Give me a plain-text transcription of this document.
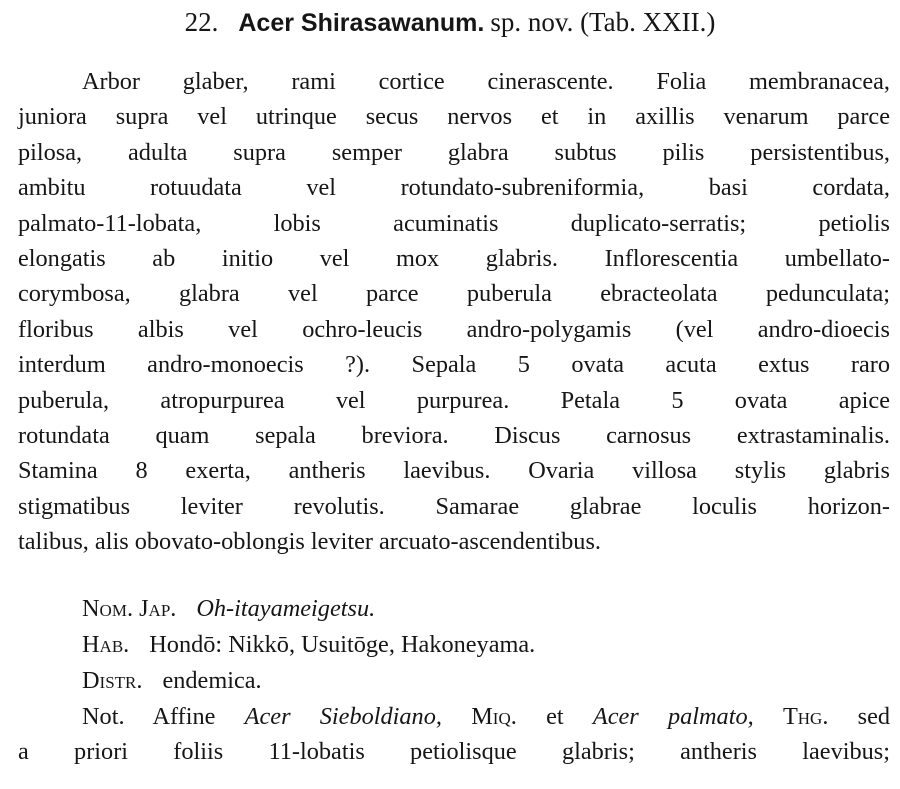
22. Acer Shirasawanum. sp. nov. (Tab. XXII.)
Arbor glaber, rami cortice cinerascente. Folia membranacea,
juniora supra vel utrinque secus nervos et in axillis venarum parce
pilosa, adulta supra semper glabra subtus pilis persistentibus,
ambitu rotuudata vel rotundato-subreniformia, basi cordata,
palmato-11-lobata, lobis acuminatis duplicato-serratis; petiolis
elongatis ab initio vel mox glabris. Inflorescentia umbellato-
corymbosa, glabra vel parce puberula ebracteolata pedunculata;
floribus albis vel ochro-leucis andro-polygamis (vel andro-dioecis
interdum andro-monoecis ?). Sepala 5 ovata acuta extus raro
puberula, atropurpurea vel purpurea. Petala 5 ovata apice
rotundata quam sepala breviora. Discus carnosus extrastaminalis.
Stamina 8 exerta, antheris laevibus. Ovaria villosa stylis glabris
stigmatibus leviter revolutis. Samarae glabrae loculis horizon-
talibus, alis obovato-oblongis leviter arcuato-ascendentibus.
Nom. Jap. Oh-itayameigetsu.
Hab. Hondō: Nikkō, Usuitōge, Hakoneyama.
Distr. endemica.
Not. Affine Acer Sieboldiano, Miq. et Acer palmato, Thg. sed
a priori foliis 11-lobatis petiolisque glabris; antheris laevibus;
